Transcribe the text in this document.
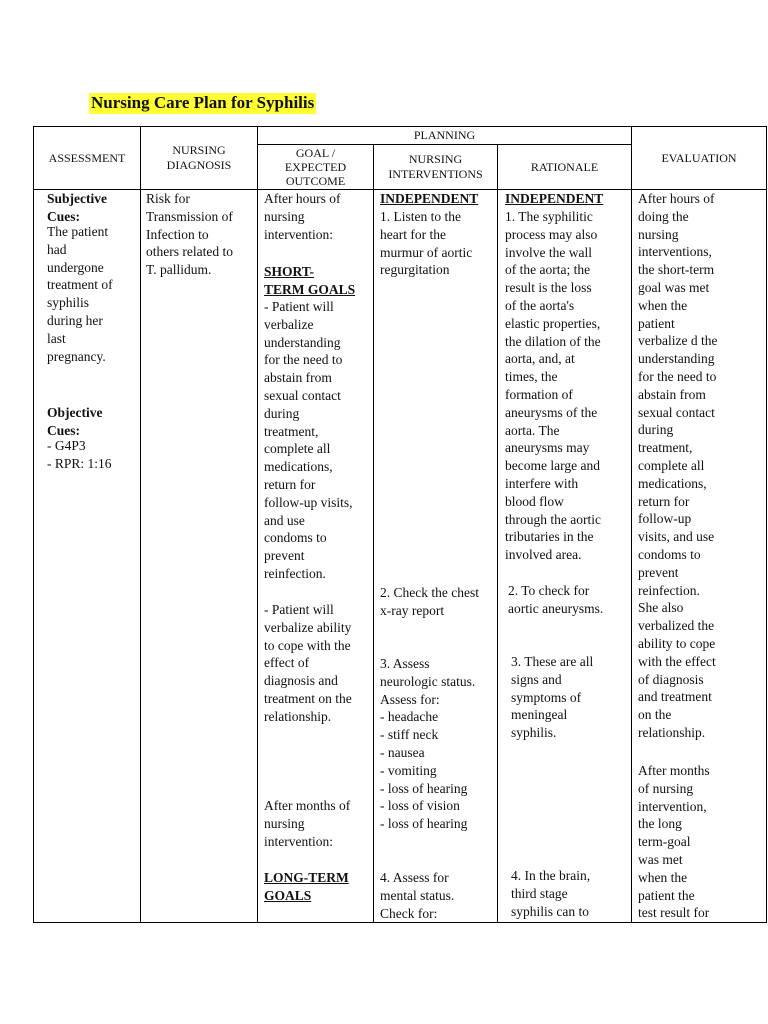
Nursing Care Plan for Syphilis
ASSESSMENT
NURSING
DIAGNOSIS
PLANNING
GOAL /
EXPECTED
OUTCOME
NURSING
INTERVENTIONS
RATIONALE
EVALUATION
Subjective
Cues:
The patient
had
undergone
treatment of
syphilis
during her
last
pregnancy.
Objective
Cues:
- G4P3
- RPR: 1:16
Risk for
Transmission of
Infection to
others related to
T. pallidum.
After hours of
nursing
intervention:
SHORT-
TERM GOALS
- Patient will
verbalize
understanding
for the need to
abstain from
sexual contact
during
treatment,
complete all
medications,
return for
follow-up visits,
and use
condoms to
prevent
reinfection.
- Patient will
verbalize ability
to cope with the
effect of
diagnosis and
treatment on the
relationship.
After months of
nursing
intervention:
LONG-TERM
GOALS
INDEPENDENT
1. Listen to the
heart for the
murmur of aortic
regurgitation
2. Check the chest
x-ray report
3. Assess
neurologic status.
Assess for:
- headache
- stiff neck
- nausea
- vomiting
- loss of hearing
- loss of vision
- loss of hearing
4. Assess for
mental status.
Check for:
INDEPENDENT
1. The syphilitic
process may also
involve the wall
of the aorta; the
result is the loss
of the aorta's
elastic properties,
the dilation of the
aorta, and, at
times, the
formation of
aneurysms of the
aorta. The
aneurysms may
become large and
interfere with
blood flow
through the aortic
tributaries in the
involved area.
2. To check for
aortic aneurysms.
3. These are all
signs and
symptoms of
meningeal
syphilis.
4. In the brain,
third stage
syphilis can to
After hours of
doing the
nursing
interventions,
the short-term
goal was met
when the
patient
verbalize d the
understanding
for the need to
abstain from
sexual contact
during
treatment,
complete all
medications,
return for
follow-up
visits, and use
condoms to
prevent
reinfection.
She also
verbalized the
ability to cope
with the effect
of diagnosis
and treatment
on the
relationship.
After months
of nursing
intervention,
the long
term-goal
was met
when the
patient the
test result for
